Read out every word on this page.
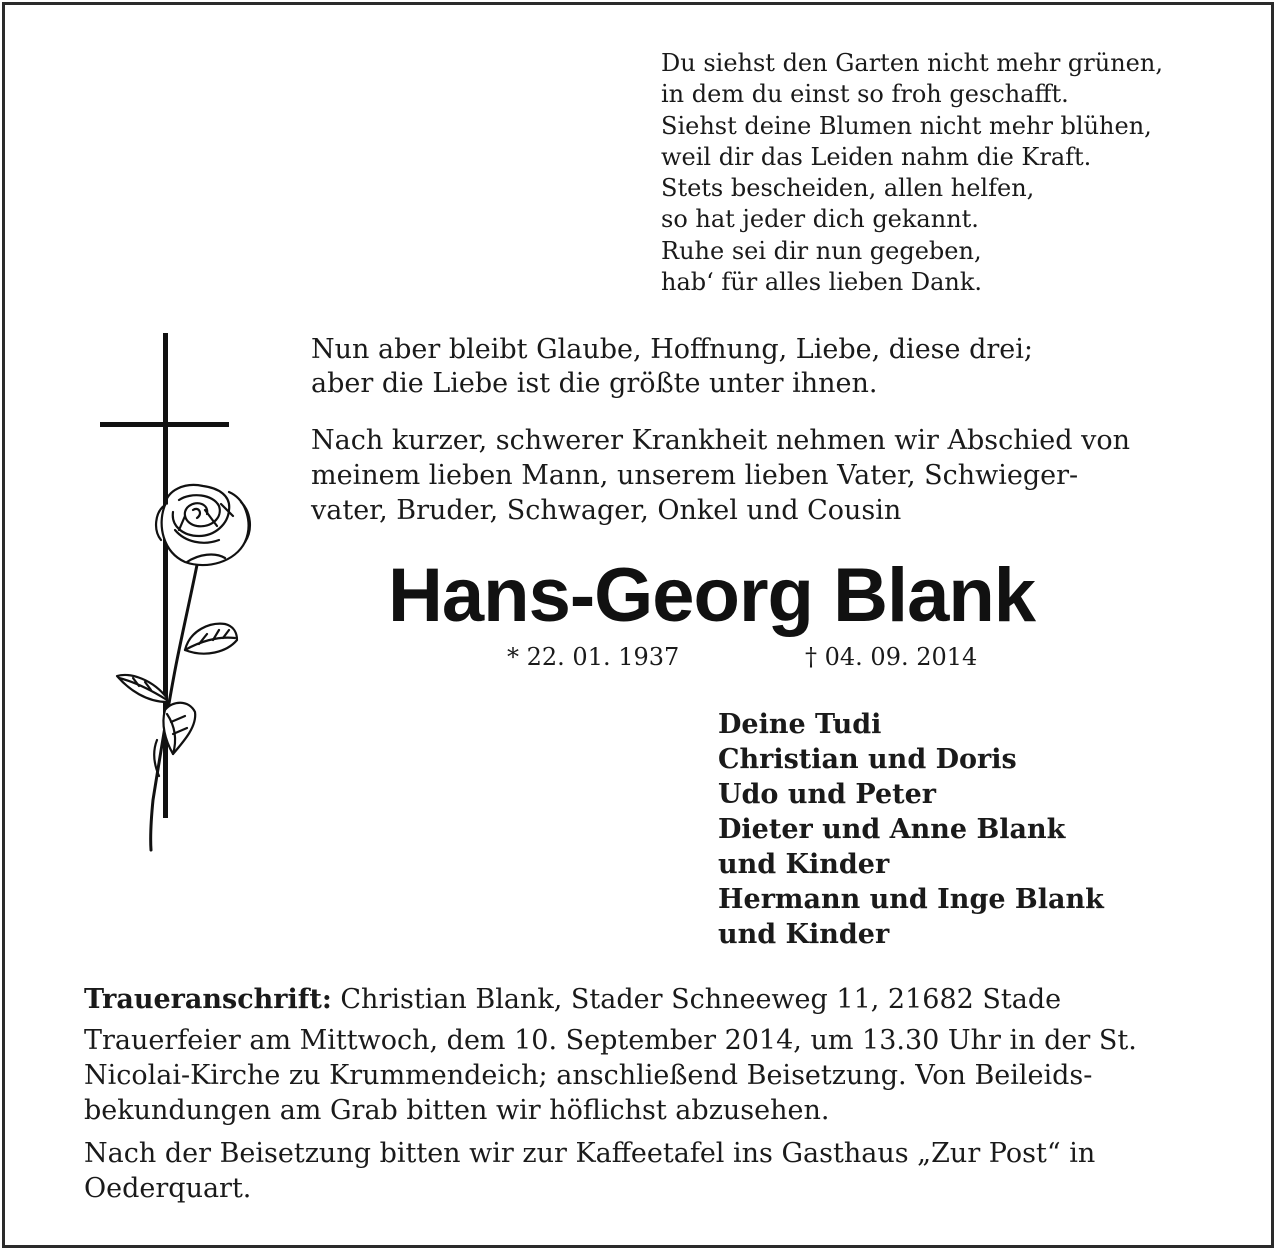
Du siehst den Garten nicht mehr grünen,
in dem du einst so froh geschafft.
Siehst deine Blumen nicht mehr blühen,
weil dir das Leiden nahm die Kraft.
Stets bescheiden, allen helfen,
so hat jeder dich gekannt.
Ruhe sei dir nun gegeben,
hab‘ für alles lieben Dank.
Nun aber bleibt Glaube, Hoffnung, Liebe, diese drei;
aber die Liebe ist die größte unter ihnen.
Nach kurzer, schwerer Krankheit nehmen wir Abschied von
meinem lieben Mann, unserem lieben Vater, Schwieger-
vater, Bruder, Schwager, Onkel und Cousin
Hans-Georg Blank
* 22. 01. 1937	† 04. 09. 2014
Deine Tudi
Christian und Doris
Udo und Peter
Dieter und Anne Blank
und Kinder
Hermann und Inge Blank
und Kinder
Traueranschrift: Christian Blank, Stader Schneeweg 11, 21682 Stade
Trauerfeier am Mittwoch, dem 10. September 2014, um 13.30 Uhr in der St.
Nicolai-Kirche zu Krummendeich; anschließend Beisetzung. Von Beileids-
bekundungen am Grab bitten wir höflichst abzusehen.
Nach der Beisetzung bitten wir zur Kaffeetafel ins Gasthaus „Zur Post“ in
Oederquart.
